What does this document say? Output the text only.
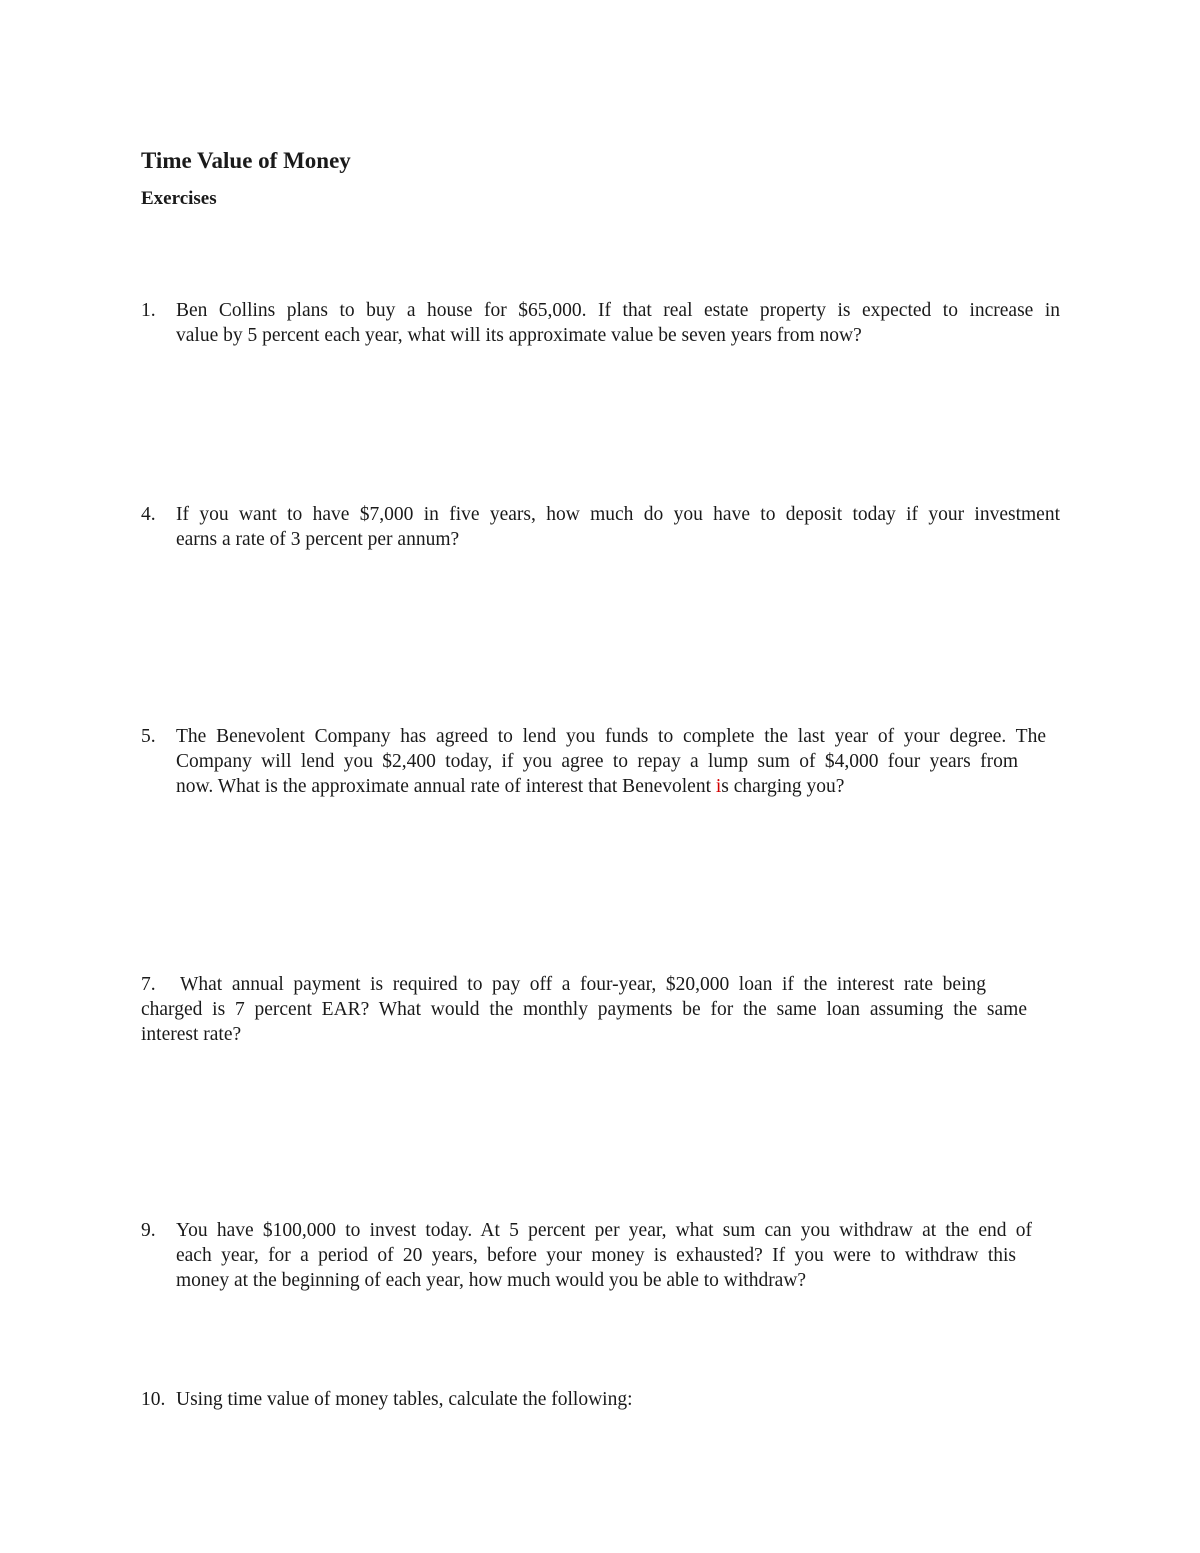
Time Value of Money
Exercises
1. Ben Collins plans to buy a house for $65,000. If that real estate property is expected to increase in
value by 5 percent each year, what will its approximate value be seven years from now?
4. If you want to have $7,000 in five years, how much do you have to deposit today if your investment
earns a rate of 3 percent per annum?
5. The Benevolent Company has agreed to lend you funds to complete the last year of your degree. The
Company will lend you $2,400 today, if you agree to repay a lump sum of $4,000 four years from
now. What is the approximate annual rate of interest that Benevolent is charging you?
7. What annual payment is required to pay off a four-year, $20,000 loan if the interest rate being
charged is 7 percent EAR? What would the monthly payments be for the same loan assuming the same
interest rate?
9. You have $100,000 to invest today. At 5 percent per year, what sum can you withdraw at the end of
each year, for a period of 20 years, before your money is exhausted? If you were to withdraw this
money at the beginning of each year, how much would you be able to withdraw?
10. Using time value of money tables, calculate the following:
